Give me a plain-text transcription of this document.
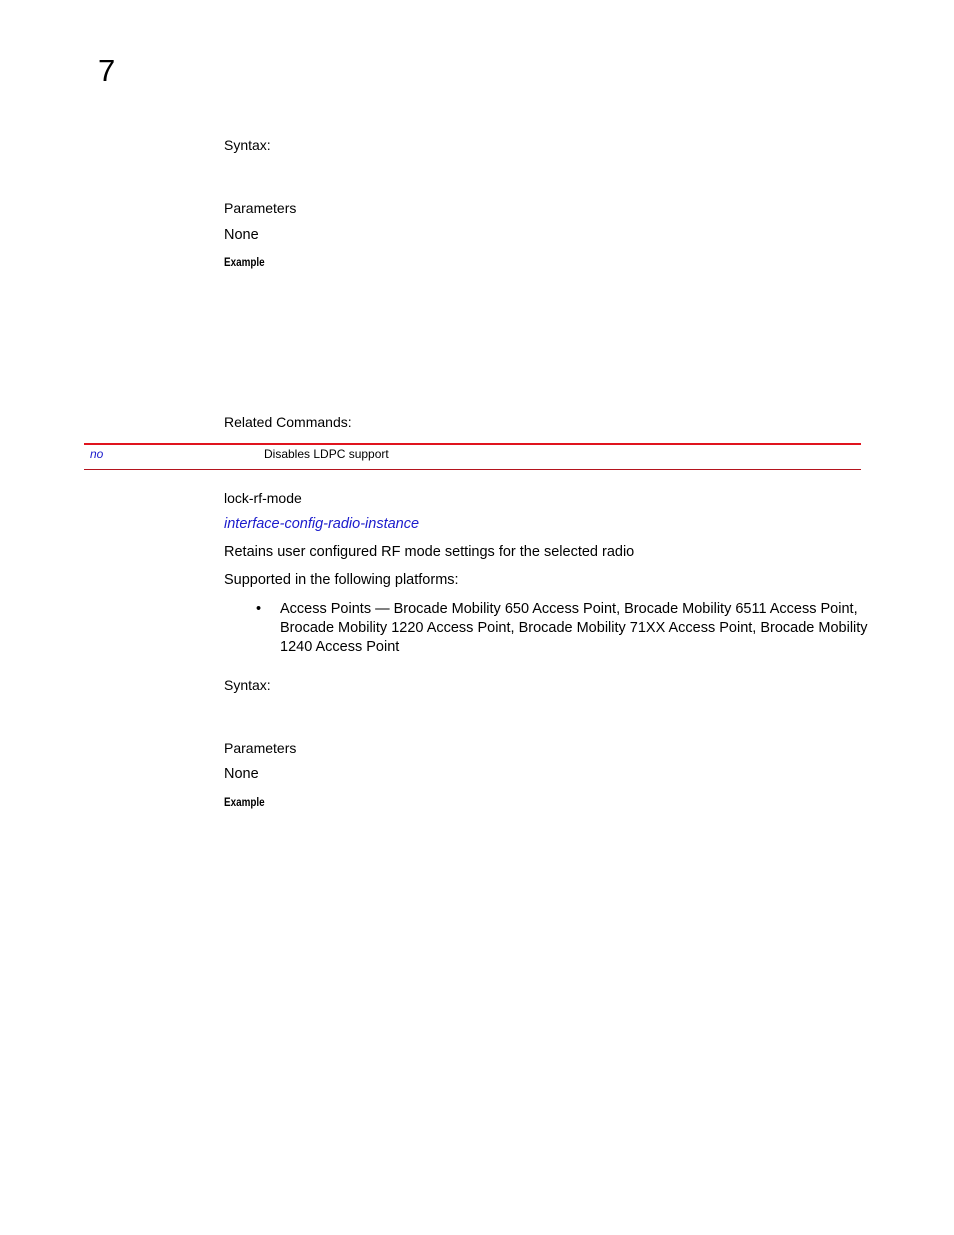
7
Syntax:
Parameters
None
Example
Related Commands:
no	Disables LDPC support
lock-rf-mode
interface-config-radio-instance
Retains user configured RF mode settings for the selected radio
Supported in the following platforms:
•	Access Points — Brocade Mobility 650 Access Point, Brocade Mobility 6511 Access Point, Brocade Mobility 1220 Access Point, Brocade Mobility 71XX Access Point, Brocade Mobility 1240 Access Point
Syntax:
Parameters
None
Example
